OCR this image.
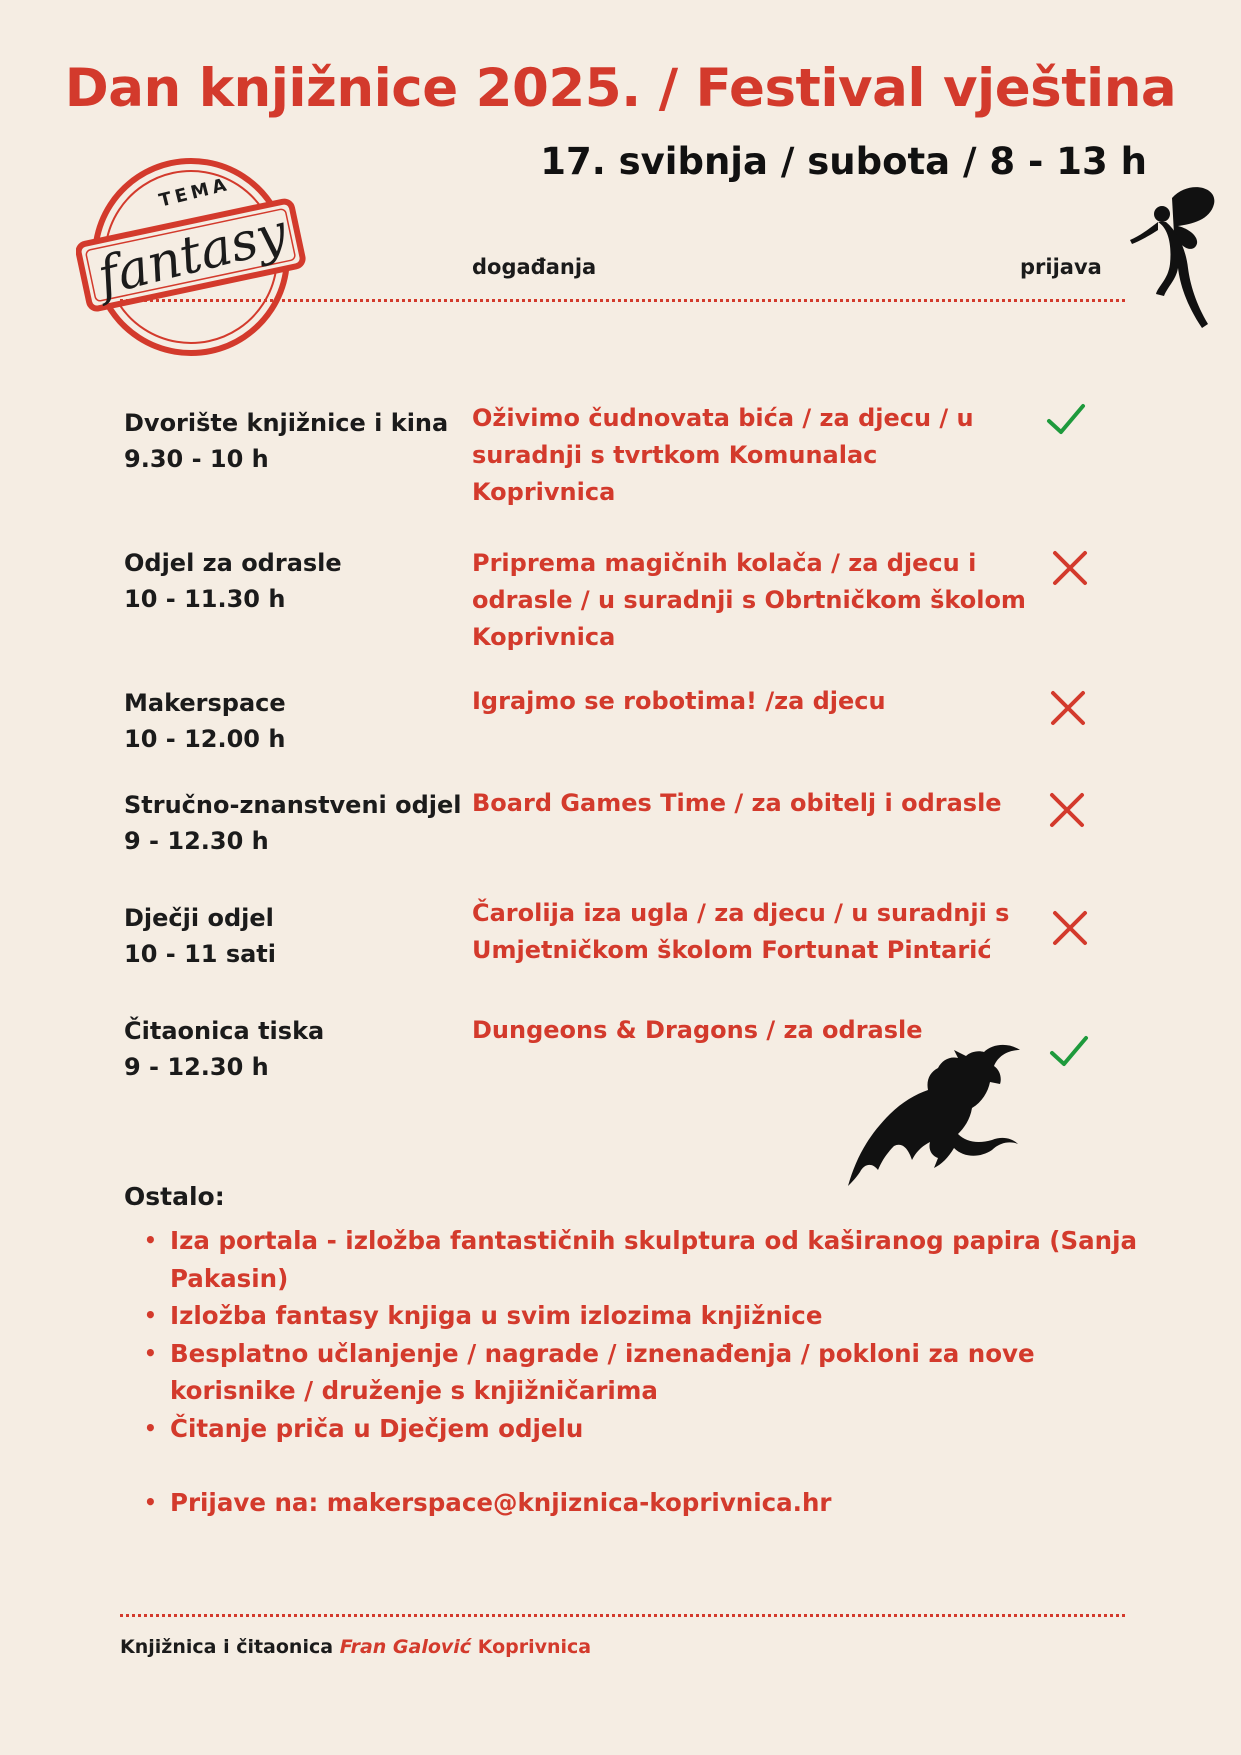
Dan knjižnice 2025. / Festival vještina
17. svibnja / subota / 8 - 13 h
TEMA
fantasy	događanja	prijava
Dvorište knjižnice i kina
9.30 - 10 h
Oživimo čudnovata bića / za djecu / u suradnji s tvrtkom Komunalac Koprivnica
Odjel za odrasle
10 - 11.30 h
Priprema magičnih kolača / za djecu i odrasle / u suradnji s Obrtničkom školom Koprivnica
Makerspace
10 - 12.00 h
Igrajmo se robotima! /za djecu
Stručno-znanstveni odjel
9 - 12.30 h
Board Games Time / za obitelj i odrasle
Dječji odjel
10 - 11 sati
Čarolija iza ugla / za djecu / u suradnji s Umjetničkom školom Fortunat Pintarić
Čitaonica tiska
9 - 12.30 h
Dungeons & Dragons / za odrasle
Ostalo:
• Iza portala - izložba fantastičnih skulptura od kaširanog papira (Sanja Pakasin)
• Izložba fantasy knjiga u svim izlozima knjižnice
• Besplatno učlanjenje / nagrade / iznenađenja / pokloni za nove korisnike / druženje s knjižničarima
• Čitanje priča u Dječjem odjelu
• Prijave na: makerspace@knjiznica-koprivnica.hr
Knjižnica i čitaonica Fran Galović Koprivnica
